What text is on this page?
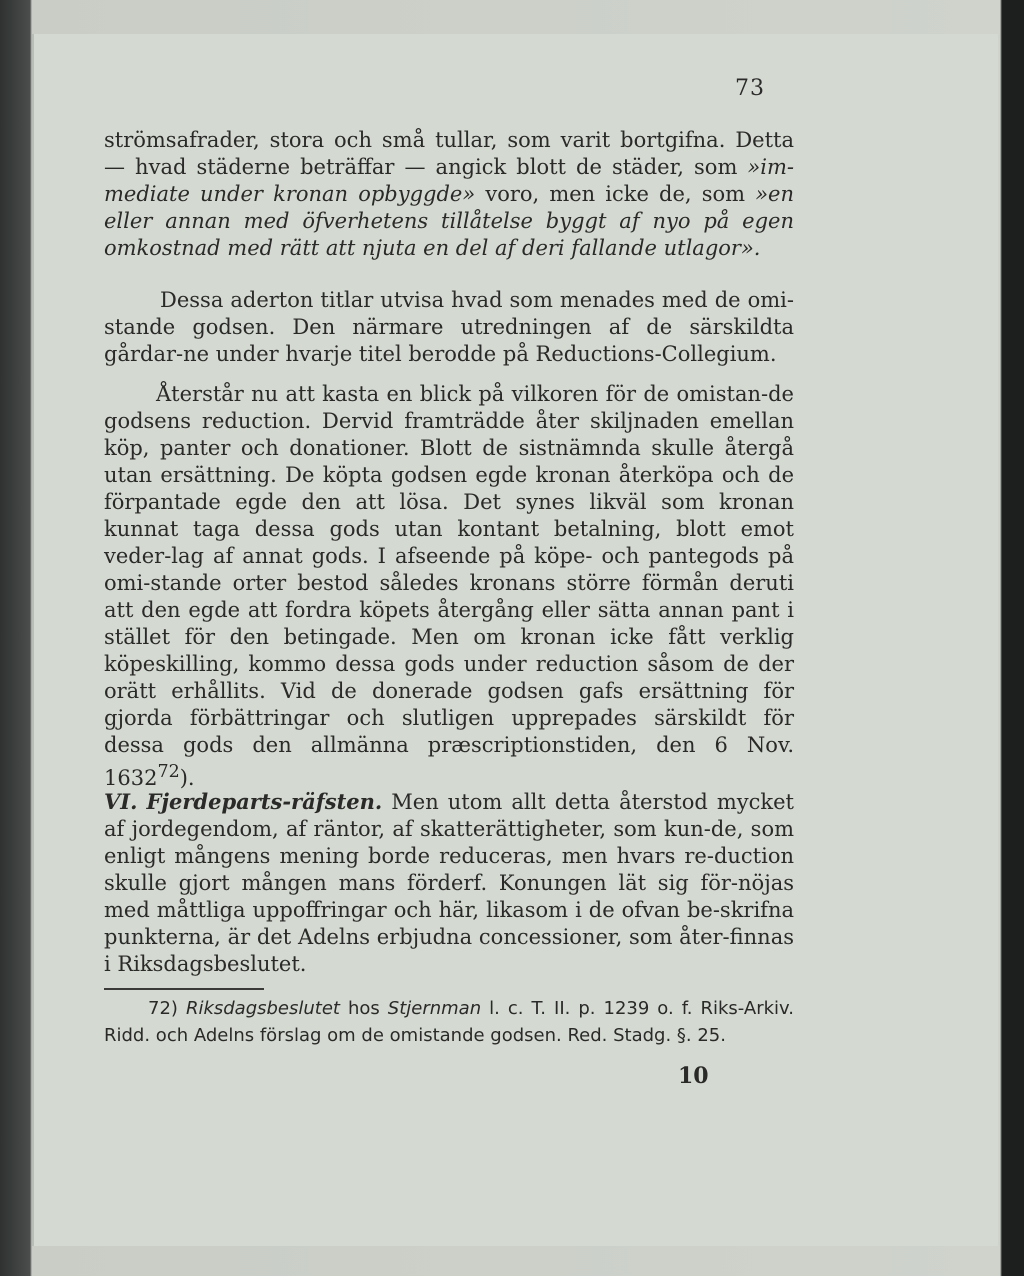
73
strömsafrader, stora och små tullar, som varit bortgifna. Detta — hvad städerne beträffar — angick blott de städer, som »im-mediate under kronan opbyggde» voro, men icke de, som »en eller annan med öfverhetens tillåtelse byggt af nyo på egen omkostnad med rätt att njuta en del af deri fallande utlagor».
Dessa aderton titlar utvisa hvad som menades med de omi-stande godsen. Den närmare utredningen af de särskildta gårdar-ne under hvarje titel berodde på Reductions-Collegium.
Återstår nu att kasta en blick på vilkoren för de omistan-de godsens reduction. Dervid framträdde åter skiljnaden emellan köp, panter och donationer. Blott de sistnämnda skulle återgå utan ersättning. De köpta godsen egde kronan återköpa och de förpantade egde den att lösa. Det synes likväl som kronan kunnat taga dessa gods utan kontant betalning, blott emot veder-lag af annat gods. I afseende på köpe- och pantegods på omi-stande orter bestod således kronans större förmån deruti att den egde att fordra köpets återgång eller sätta annan pant i stället för den betingade. Men om kronan icke fått verklig köpeskilling, kommo dessa gods under reduction såsom de der orätt erhållits. Vid de donerade godsen gafs ersättning för gjorda förbättringar och slutligen upprepades särskildt för dessa gods den allmänna præscriptionstiden, den 6 Nov. 1632$^{72}$).
VI. Fjerdeparts-räfsten. Men utom allt detta återstod mycket af jordegendom, af räntor, af skatterättigheter, som kun-de, som enligt mångens mening borde reduceras, men hvars re-duction skulle gjort mången mans förderf. Konungen lät sig för-nöjas med måttliga uppoffringar och här, likasom i de ofvan be-skrifna punkterna, är det Adelns erbjudna concessioner, som åter-finnas i Riksdagsbeslutet.
72) Riksdagsbeslutet hos Stjernman l. c. T. II. p. 1239 o. f. Riks-Arkiv. Ridd. och Adelns förslag om de omistande godsen. Red. Stadg. §. 25.
10
